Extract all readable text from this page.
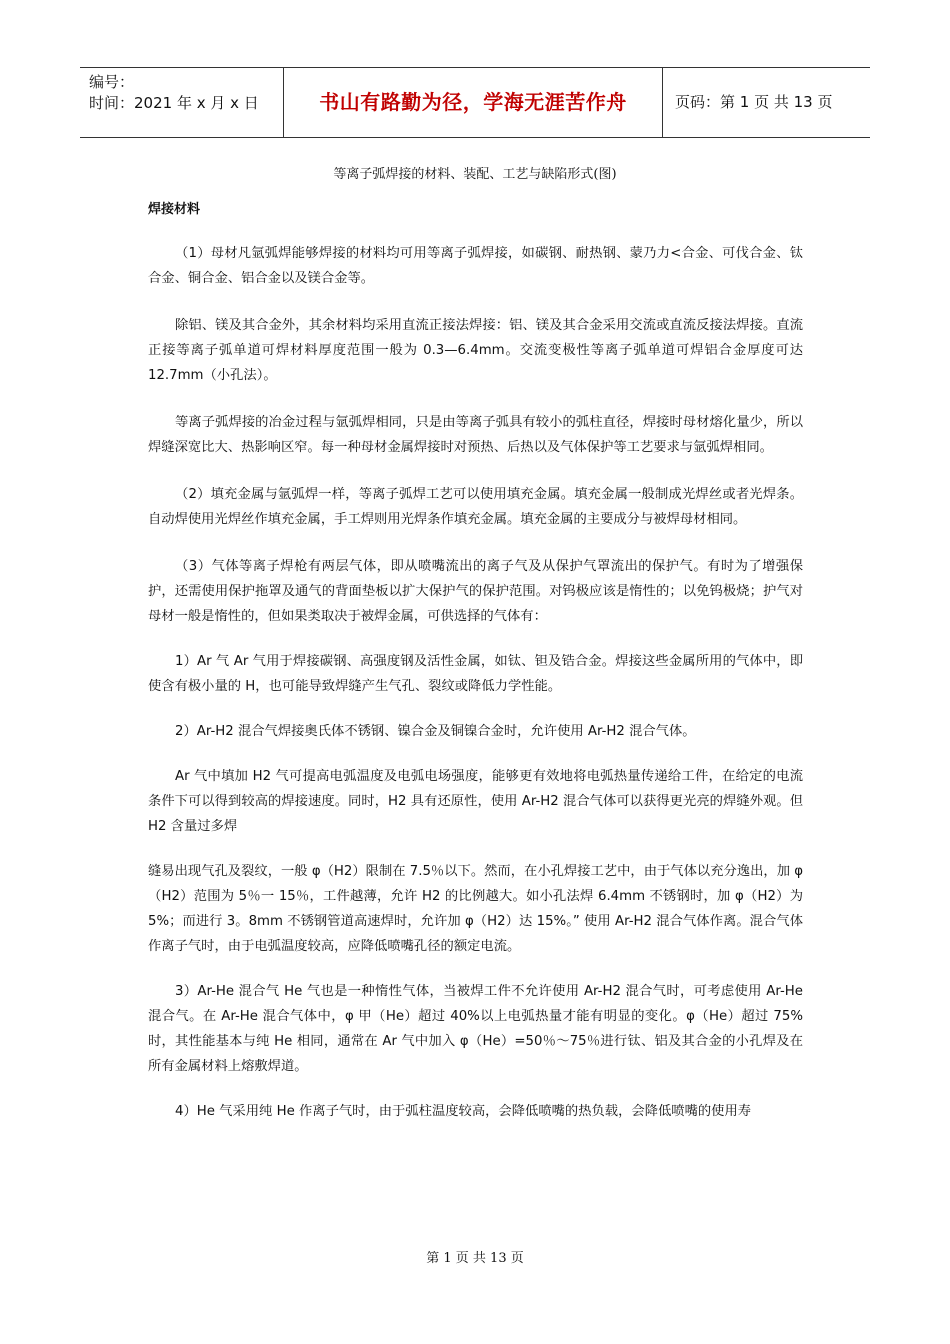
编号：
时间：2021 年 x 月 x 日	书山有路勤为径，学海无涯苦作舟	页码：第 1 页 共 13 页
等离子弧焊接的材料、装配、工艺与缺陷形式(图)
焊接材料

（1）母材凡氩弧焊能够焊接的材料均可用等离子弧焊接，如碳钢、耐热钢、蒙乃力<合金、可伐合金、钛合金、铜合金、铝合金以及镁合金等。

除铝、镁及其合金外，其余材料均采用直流正接法焊接：铝、镁及其合金采用交流或直流反接法焊接。直流正接等离子弧单道可焊材料厚度范围一般为 0.3—6.4mm。交流变极性等离子弧单道可焊铝合金厚度可达 12.7mm（小孔法）。

等离子弧焊接的冶金过程与氩弧焊相同，只是由等离子弧具有较小的弧柱直径，焊接时母材熔化量少，所以焊缝深宽比大、热影响区窄。每一种母材金属焊接时对预热、后热以及气体保护等工艺要求与氩弧焊相同。

（2）填充金属与氩弧焊一样，等离子弧焊工艺可以使用填充金属。填充金属一般制成光焊丝或者光焊条。自动焊使用光焊丝作填充金属，手工焊则用光焊条作填充金属。填充金属的主要成分与被焊母材相同。

（3）气体等离子焊枪有两层气体，即从喷嘴流出的离子气及从保护气罩流出的保护气。有时为了增强保护，还需使用保护拖罩及通气的背面垫板以扩大保护气的保护范围。对钨极应该是惰性的；以免钨极烧；护气对母材一般是惰性的，但如果类取决于被焊金属，可供选择的气体有：

1）Ar 气 Ar 气用于焊接碳钢、高强度钢及活性金属，如钛、钽及锆合金。焊接这些金属所用的气体中，即使含有极小量的 H，也可能导致焊缝产生气孔、裂纹或降低力学性能。

2）Ar-H2 混合气焊接奥氏体不锈钢、镍合金及铜镍合金时，允许使用 Ar-H2 混合气体。

Ar 气中填加 H2 气可提高电弧温度及电弧电场强度，能够更有效地将电弧热量传递给工件，在给定的电流条件下可以得到较高的焊接速度。同时，H2 具有还原性，使用 Ar-H2 混合气体可以获得更光亮的焊缝外观。但 H2 含量过多焊

缝易出现气孔及裂纹，一般 φ（H2）限制在 7.5％以下。然而，在小孔焊接工艺中，由于气体以充分逸出，加 φ（H2）范围为 5％一 15％，工件越薄，允许 H2 的比例越大。如小孔法焊 6.4mm 不锈钢时，加 φ（H2）为 5%；而进行 3。8mm 不锈钢管道高速焊时，允许加 φ（H2）达 15%。” 使用 Ar-H2 混合气体作离。混合气体作离子气时，由于电弧温度较高，应降低喷嘴孔径的额定电流。

3）Ar-He 混合气 He 气也是一种惰性气体，当被焊工件不允许使用 Ar-H2 混合气时，可考虑使用 Ar-He 混合气。在 Ar-He 混合气体中，φ 甲（He）超过 40%以上电弧热量才能有明显的变化。φ（He）超过 75%时，其性能基本与纯 He 相同，通常在 Ar 气中加入 φ（He）=50％～75％进行钛、铝及其合金的小孔焊及在所有金属材料上熔敷焊道。

4）He 气采用纯 He 作离子气时，由于弧柱温度较高，会降低喷嘴的热负载，会降低喷嘴的使用寿

第 1 页 共 13 页
